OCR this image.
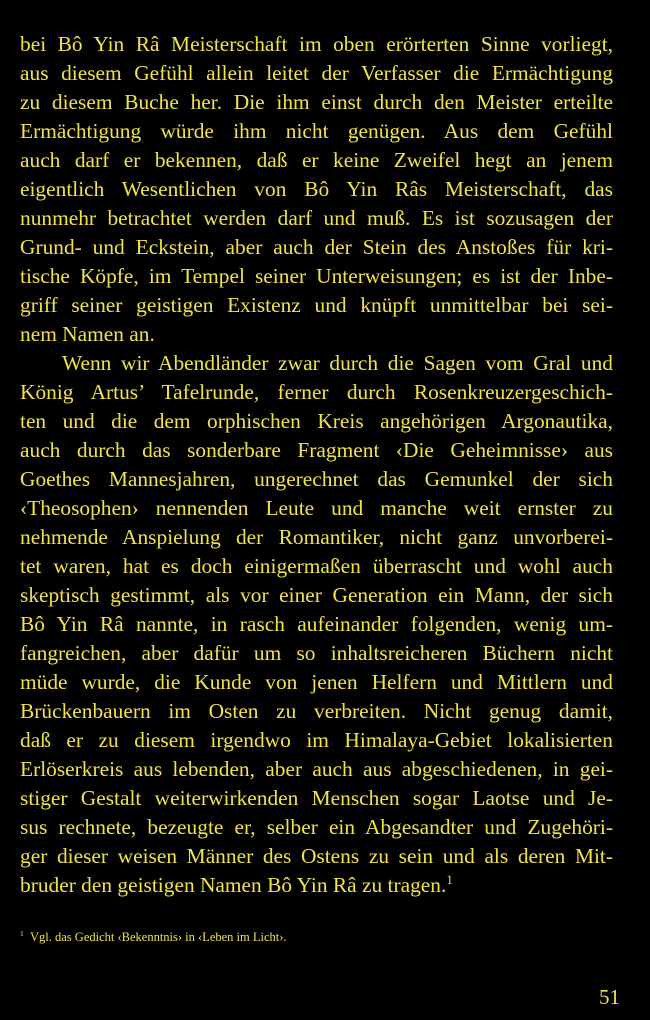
bei Bô Yin Râ Meisterschaft im oben erörterten Sinne vorliegt,
aus diesem Gefühl allein leitet der Verfasser die Ermächtigung
zu diesem Buche her. Die ihm einst durch den Meister erteilte
Ermächtigung würde ihm nicht genügen. Aus dem Gefühl
auch darf er bekennen, daß er keine Zweifel hegt an jenem
eigentlich Wesentlichen von Bô Yin Râs Meisterschaft, das
nunmehr betrachtet werden darf und muß. Es ist sozusagen der
Grund- und Eckstein, aber auch der Stein des Anstoßes für kri-
tische Köpfe, im Tempel seiner Unterweisungen; es ist der Inbe-
griff seiner geistigen Existenz und knüpft unmittelbar bei sei-
nem Namen an.
Wenn wir Abendländer zwar durch die Sagen vom Gral und
König Artus’ Tafelrunde, ferner durch Rosenkreuzergeschich-
ten und die dem orphischen Kreis angehörigen Argonautika,
auch durch das sonderbare Fragment ‹Die Geheimnisse› aus
Goethes Mannesjahren, ungerechnet das Gemunkel der sich
‹Theosophen› nennenden Leute und manche weit ernster zu
nehmende Anspielung der Romantiker, nicht ganz unvorberei-
tet waren, hat es doch einigermaßen überrascht und wohl auch
skeptisch gestimmt, als vor einer Generation ein Mann, der sich
Bô Yin Râ nannte, in rasch aufeinander folgenden, wenig um-
fangreichen, aber dafür um so inhaltsreicheren Büchern nicht
müde wurde, die Kunde von jenen Helfern und Mittlern und
Brückenbauern im Osten zu verbreiten. Nicht genug damit,
daß er zu diesem irgendwo im Himalaya-Gebiet lokalisierten
Erlöserkreis aus lebenden, aber auch aus abgeschiedenen, in gei-
stiger Gestalt weiterwirkenden Menschen sogar Laotse und Je-
sus rechnete, bezeugte er, selber ein Abgesandter und Zugehöri-
ger dieser weisen Männer des Ostens zu sein und als deren Mit-
bruder den geistigen Namen Bô Yin Râ zu tragen.$^1$
$^1$ Vgl. das Gedicht ‹Bekenntnis› in ‹Leben im Licht›.
51
